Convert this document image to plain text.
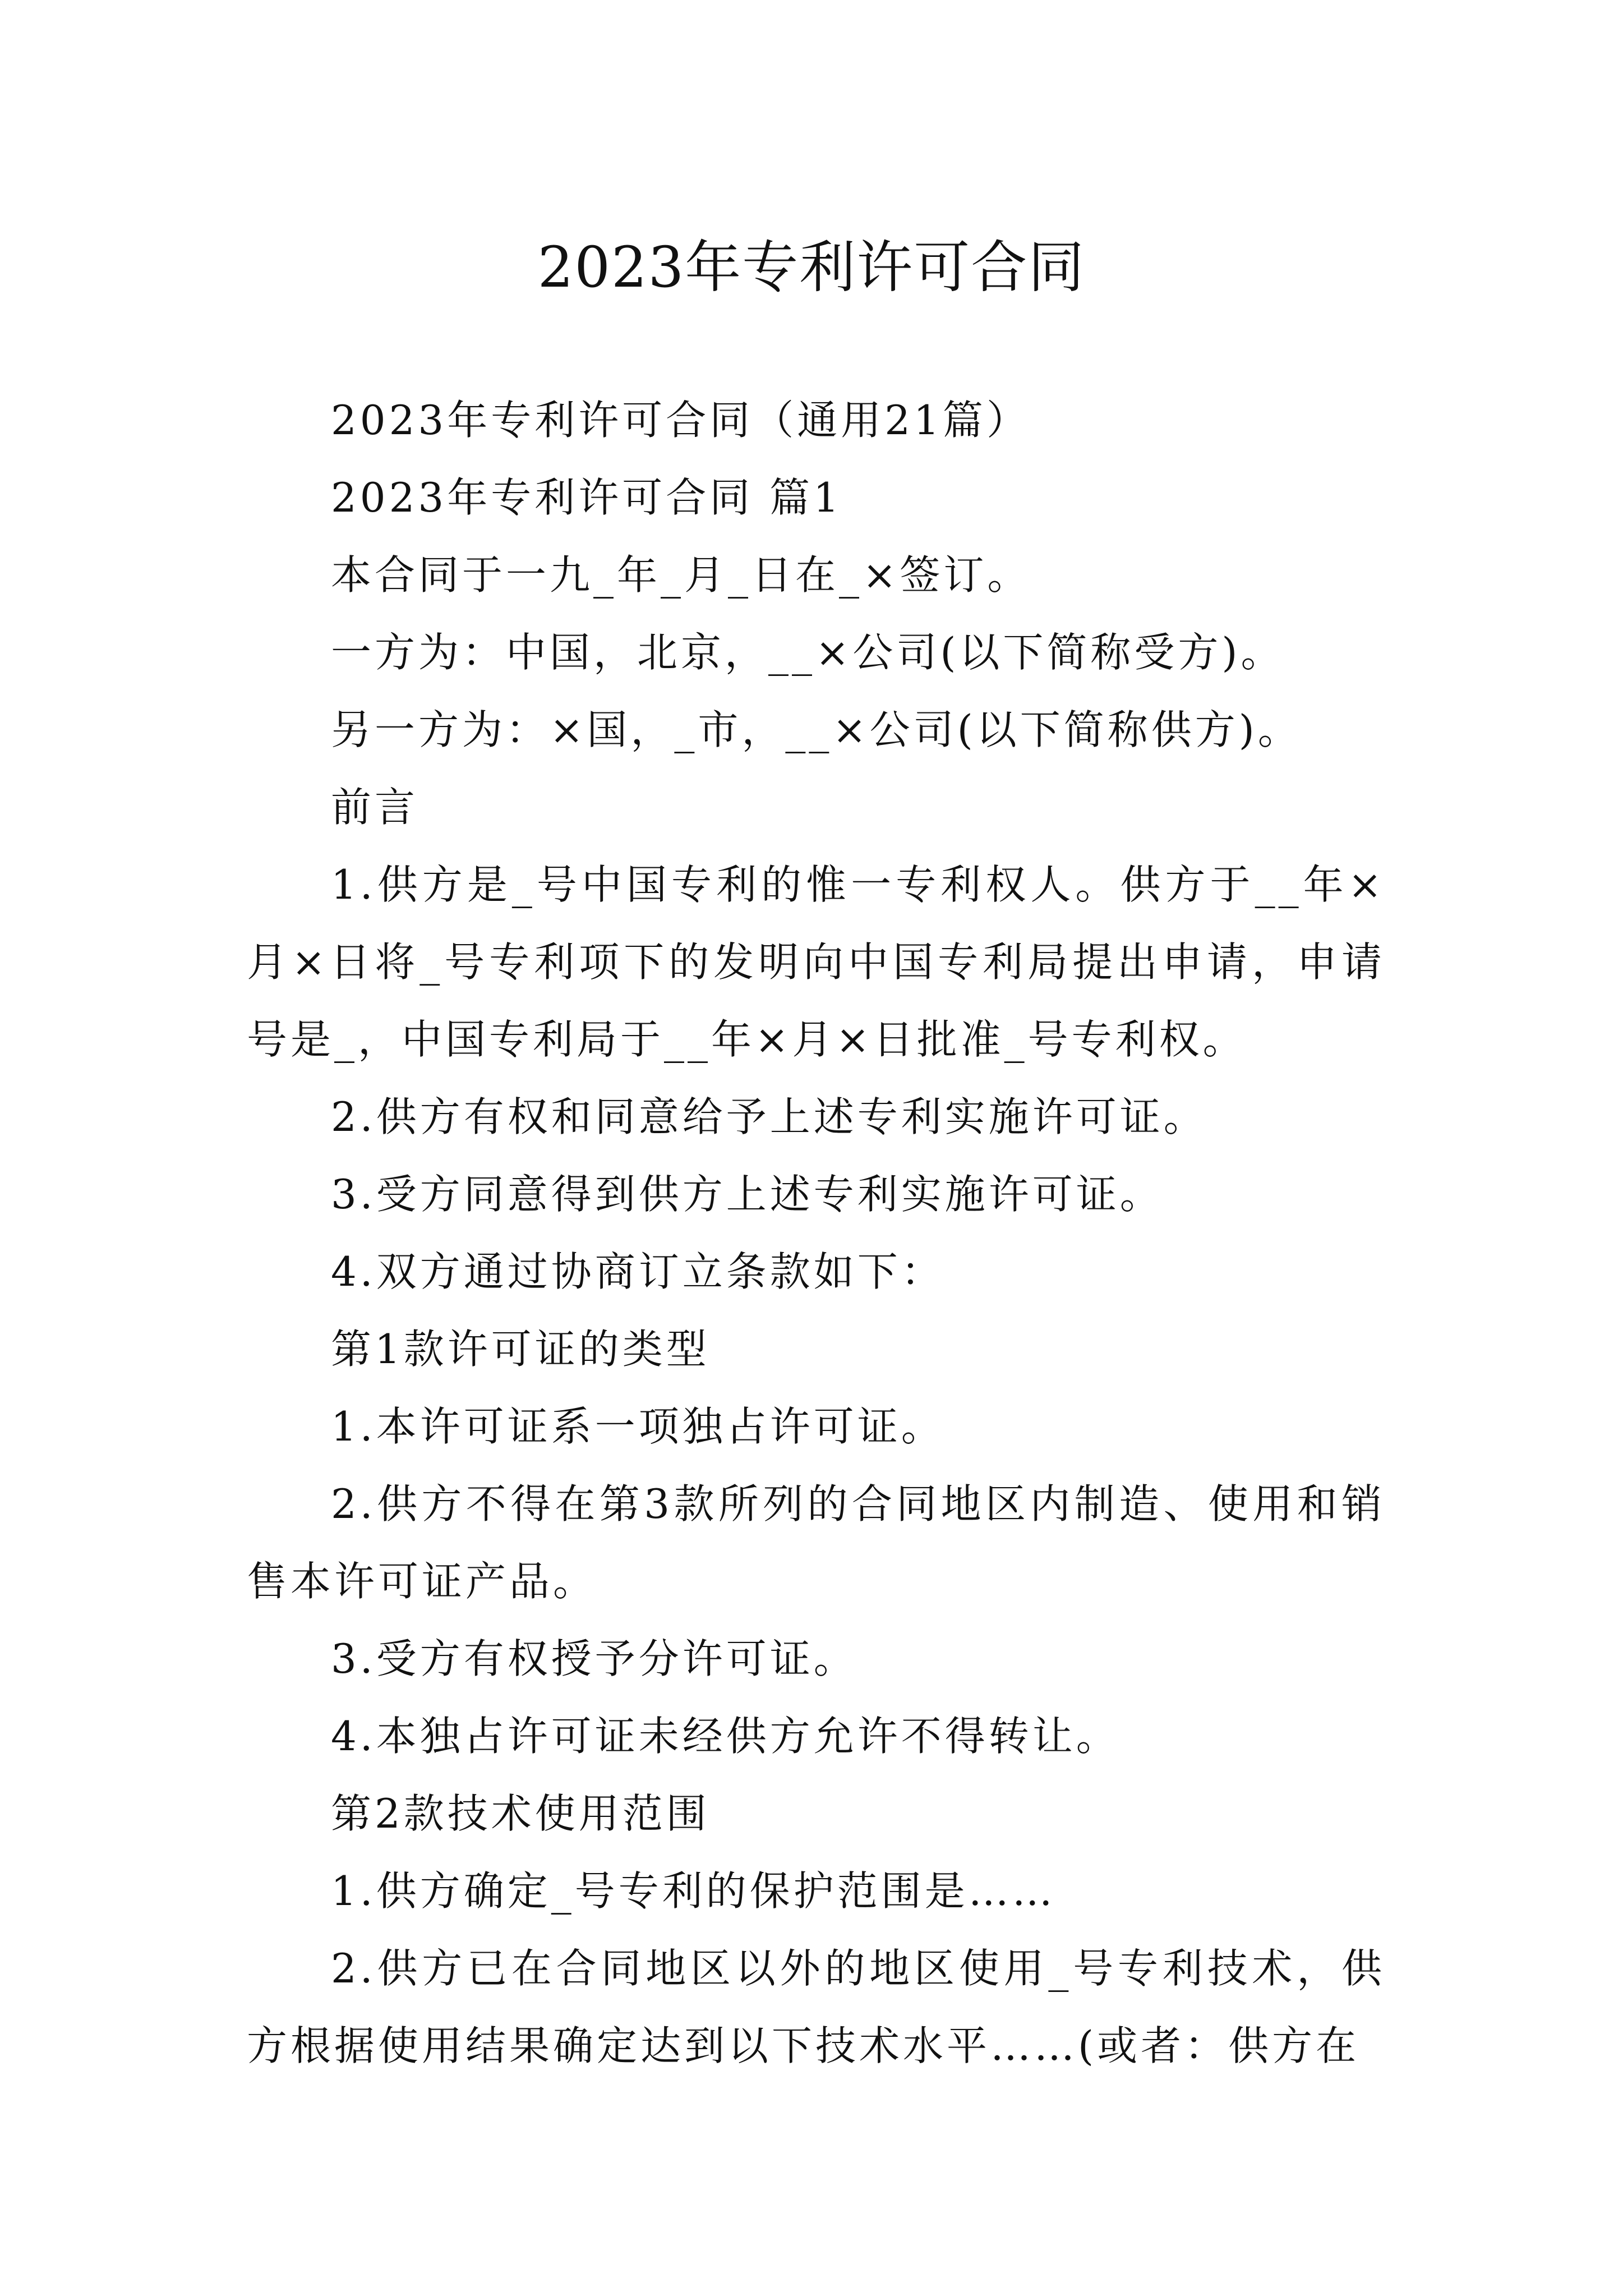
2023年专利许可合同

2023年专利许可合同（通用21篇）

2023年专利许可合同 篇1

本合同于一九_年_月_日在_×签订。

一方为：中国，北京，__×公司(以下简称受方)。

另一方为：×国，_市，__×公司(以下简称供方)。

前言

1.供方是_号中国专利的惟一专利权人。供方于__年×月×日将_号专利项下的发明向中国专利局提出申请，申请号是_，中国专利局于__年×月×日批准_号专利权。

2.供方有权和同意给予上述专利实施许可证。

3.受方同意得到供方上述专利实施许可证。

4.双方通过协商订立条款如下：

第1款许可证的类型

1.本许可证系一项独占许可证。

2.供方不得在第3款所列的合同地区内制造、使用和销售本许可证产品。

3.受方有权授予分许可证。

4.本独占许可证未经供方允许不得转让。

第2款技术使用范围

1.供方确定_号专利的保护范围是……

2.供方已在合同地区以外的地区使用_号专利技术，供方根据使用结果确定达到以下技术水平……(或者：供方在
